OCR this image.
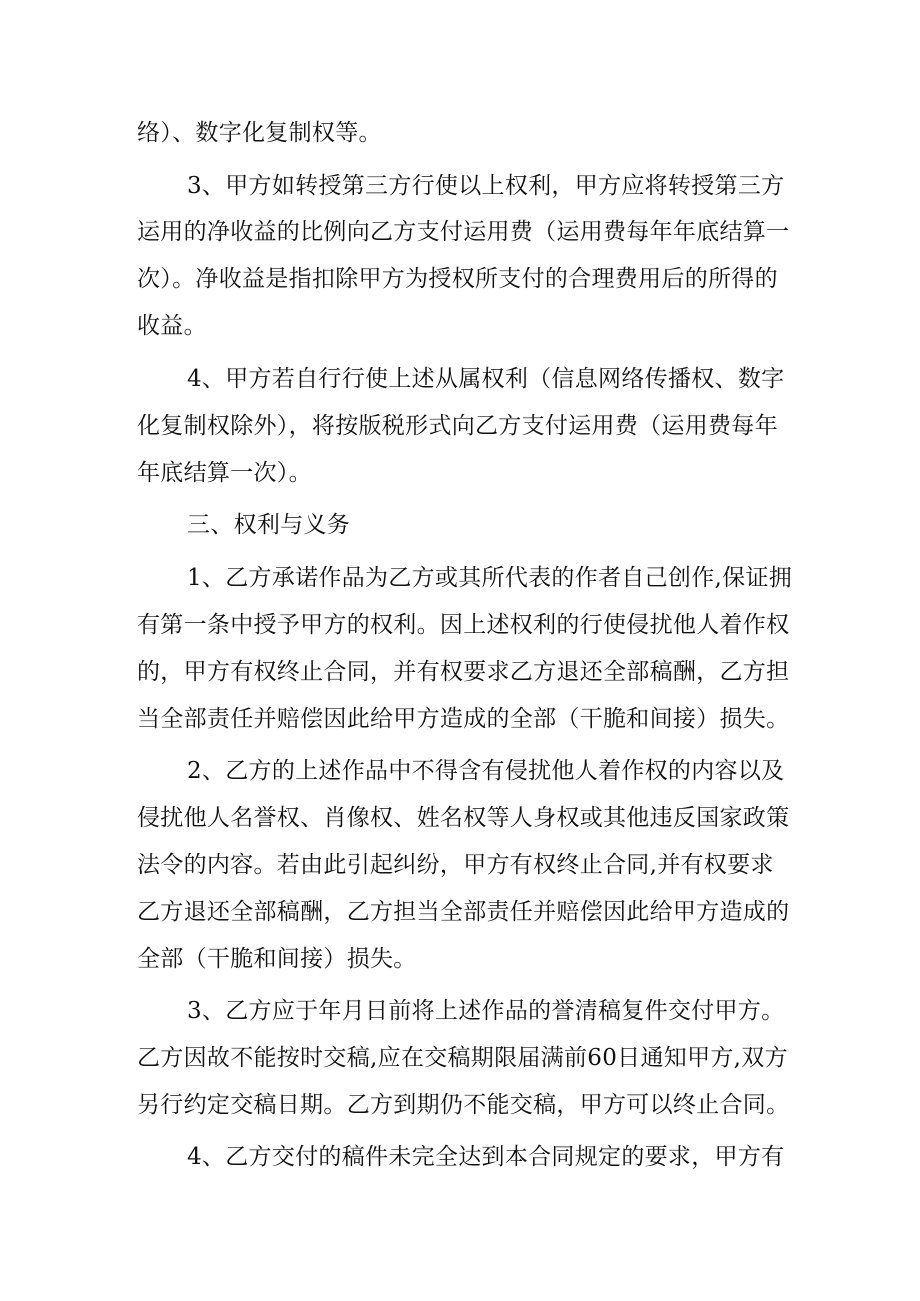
络）、数字化复制权等。
3、甲方如转授第三方行使以上权利，甲方应将转授第三方
运用的净收益的比例向乙方支付运用费（运用费每年年底结算一
次）。净收益是指扣除甲方为授权所支付的合理费用后的所得的
收益。
4、甲方若自行行使上述从属权利（信息网络传播权、数字
化复制权除外），将按版税形式向乙方支付运用费（运用费每年
年底结算一次）。
三、权利与义务
1、乙方承诺作品为乙方或其所代表的作者自己创作,保证拥
有第一条中授予甲方的权利。因上述权利的行使侵扰他人着作权
的，甲方有权终止合同，并有权要求乙方退还全部稿酬，乙方担
当全部责任并赔偿因此给甲方造成的全部（干脆和间接）损失。
2、乙方的上述作品中不得含有侵扰他人着作权的内容以及
侵扰他人名誉权、肖像权、姓名权等人身权或其他违反国家政策
法令的内容。若由此引起纠纷，甲方有权终止合同,并有权要求
乙方退还全部稿酬，乙方担当全部责任并赔偿因此给甲方造成的
全部（干脆和间接）损失。
3、乙方应于年月日前将上述作品的誉清稿复件交付甲方。
乙方因故不能按时交稿,应在交稿期限届满前60日通知甲方,双方
另行约定交稿日期。乙方到期仍不能交稿，甲方可以终止合同。
4、乙方交付的稿件未完全达到本合同规定的要求，甲方有
